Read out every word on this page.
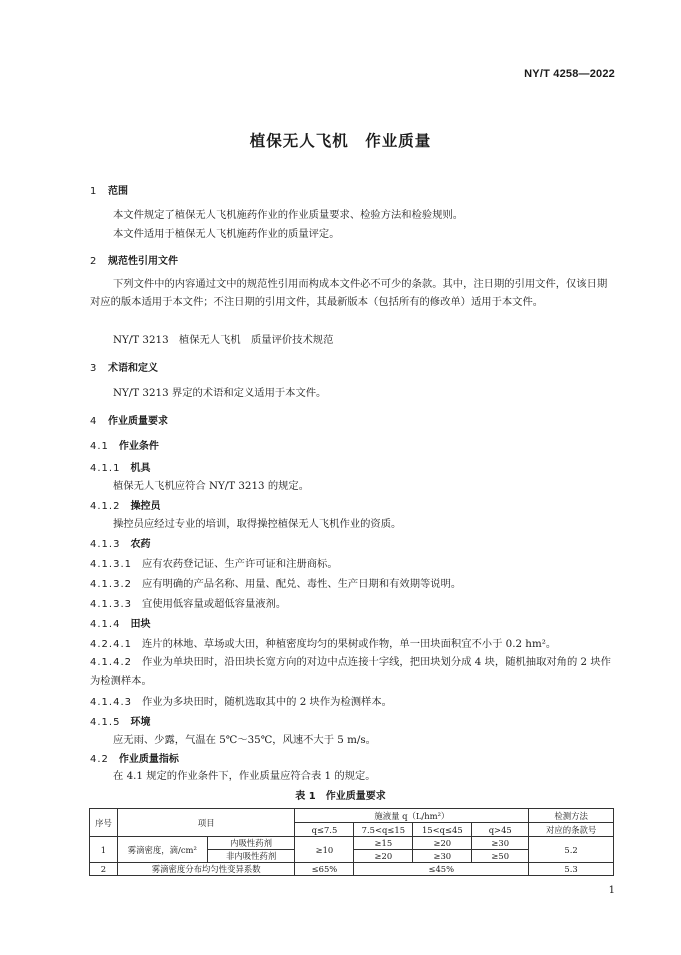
NY/T 4258—2022
植保无人飞机　作业质量
1 范围
本文件规定了植保无人飞机施药作业的作业质量要求、检验方法和检验规则。
本文件适用于植保无人飞机施药作业的质量评定。
2 规范性引用文件
下列文件中的内容通过文中的规范性引用而构成本文件必不可少的条款。其中，注日期的引用文件，仅该日期对应的版本适用于本文件；不注日期的引用文件，其最新版本（包括所有的修改单）适用于本文件。
NY/T 3213　植保无人飞机　质量评价技术规范
3 术语和定义
NY/T 3213 界定的术语和定义适用于本文件。
4 作业质量要求
4.1 作业条件
4.1.1 机具
植保无人飞机应符合 NY/T 3213 的规定。
4.1.2 操控员
操控员应经过专业的培训，取得操控植保无人飞机作业的资质。
4.1.3 农药
4.1.3.1 应有农药登记证、生产许可证和注册商标。
4.1.3.2 应有明确的产品名称、用量、配兑、毒性、生产日期和有效期等说明。
4.1.3.3 宜使用低容量或超低容量液剂。
4.1.4 田块
4.2.4.1 连片的林地、草场或大田，种植密度均匀的果树或作物，单一田块面积宜不小于 0.2 hm²。
4.1.4.2 作业为单块田时，沿田块长宽方向的对边中点连接十字线，把田块划分成 4 块，随机抽取对角的 2 块作为检测样本。
4.1.4.3 作业为多块田时，随机选取其中的 2 块作为检测样本。
4.1.5 环境
应无雨、少露，气温在 5℃～35℃，风速不大于 5 m/s。
4.2 作业质量指标
在 4.1 规定的作业条件下，作业质量应符合表 1 的规定。
表 1　作业质量要求
序号	项目		施液量 q（L/hm²）				检测方法
			q≤7.5	7.5<q≤15	15<q≤45	q>45	对应的条款号
1	雾滴密度，滴/cm²	内吸性药剂	≥10	≥15	≥20	≥30	5.2
		非内吸性药剂		≥20	≥30	≥50	
2	雾滴密度分布均匀性变异系数		≤65%	≤45%			5.3
1
